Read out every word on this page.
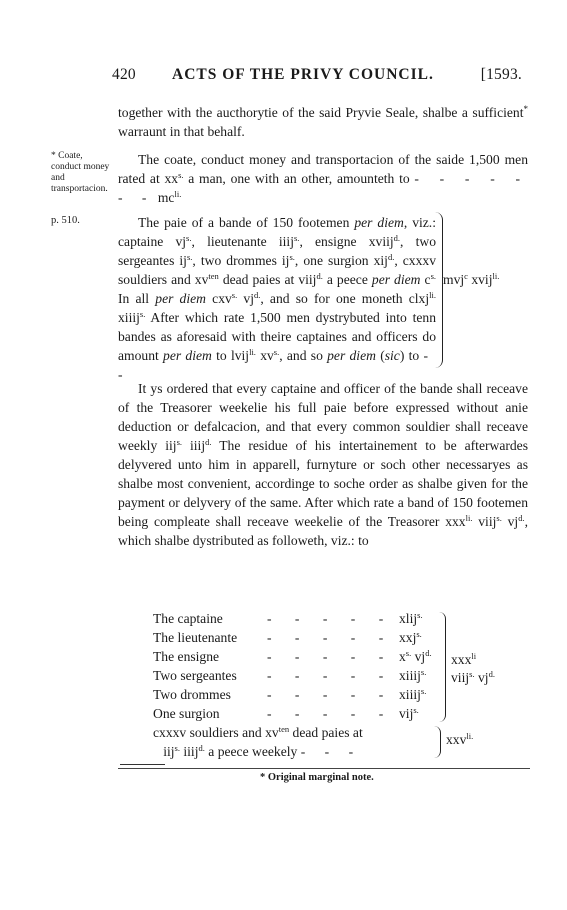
420 ACTS OF THE PRIVY COUNCIL.	[1593.
together with the aucthorytie of the said Pryvie Seale, shalbe a sufficient* warraunt in that behalf.
* Coate, conduct money and transportacion.
The coate, conduct money and transportacion of the saide 1,500 men rated at $xx^{s.}$ a man, one with an other, amounteth to - - - - - - - $mc^{li.}$
p. 510.	The paie of a bande of 150 footemen per diem, viz.: captaine $vj^{s.}$, lieutenante iiij$^{s.}$, ensigne xviij$^{d.}$, two sergeantes $ij^{s.}$, two drommes $ij^{s.}$, one surgion xij$^{d.}$, cxxxv souldiers and $xv^{ten}$ dead paies at viij$^{d.}$ a peece per diem $c^{s.}$ In all per diem cxv$^{s.}$ $vj^{d.}$, and so for one moneth clxj$^{li.}$ xiiij$^{s.}$ After which rate 1,500 men dystrybuted into tenn bandes as aforesaid with theire captaines and officers do amount per diem to lvij$^{li.}$ $xv^{s.}$, and so per diem (sic) to - -
mvj$^c$ xvij$^{li.}$
It ys ordered that every captaine and officer of the bande shall receave of the Treasorer weekelie his full paie before expressed without anie deduction or defalcacion, and that every common souldier shall receave weekly iij$^{s.}$ iiij$^{d.}$ The residue of his intertainement to be afterwardes delyvered unto him in apparell, furnyture or soch other necessaryes as shalbe most convenient, accordinge to soche order as shalbe given for the payment or delyvery of the same. After which rate a band of 150 footemen being compleate shall receave weekelie of the Treasorer xxx$^{li.}$ viij$^{s.}$ $vj^{d.}$, which shalbe dystributed as followeth, viz.: to
The captaine	- - - - - xlij$^{s.}$
The lieutenante - - - - - xxj$^{s.}$
The ensigne	- - - - - $x^{s.}$ $vj^{d.}$
Two sergeantes - - - - - xiiij$^{s.}$
Two drommes	- - - - - xiiij$^{s.}$
One surgion	- - - - - vij$^{s.}$
xxx$^{li}$
viij$^{s.}$ $vj^{d.}$
cxxxv souldiers and $xv^{ten}$ dead paies at
iij$^{s.}$ iiij$^{d.}$ a peece weekely - - -
xxv$^{li.}$
* Original marginal note.
